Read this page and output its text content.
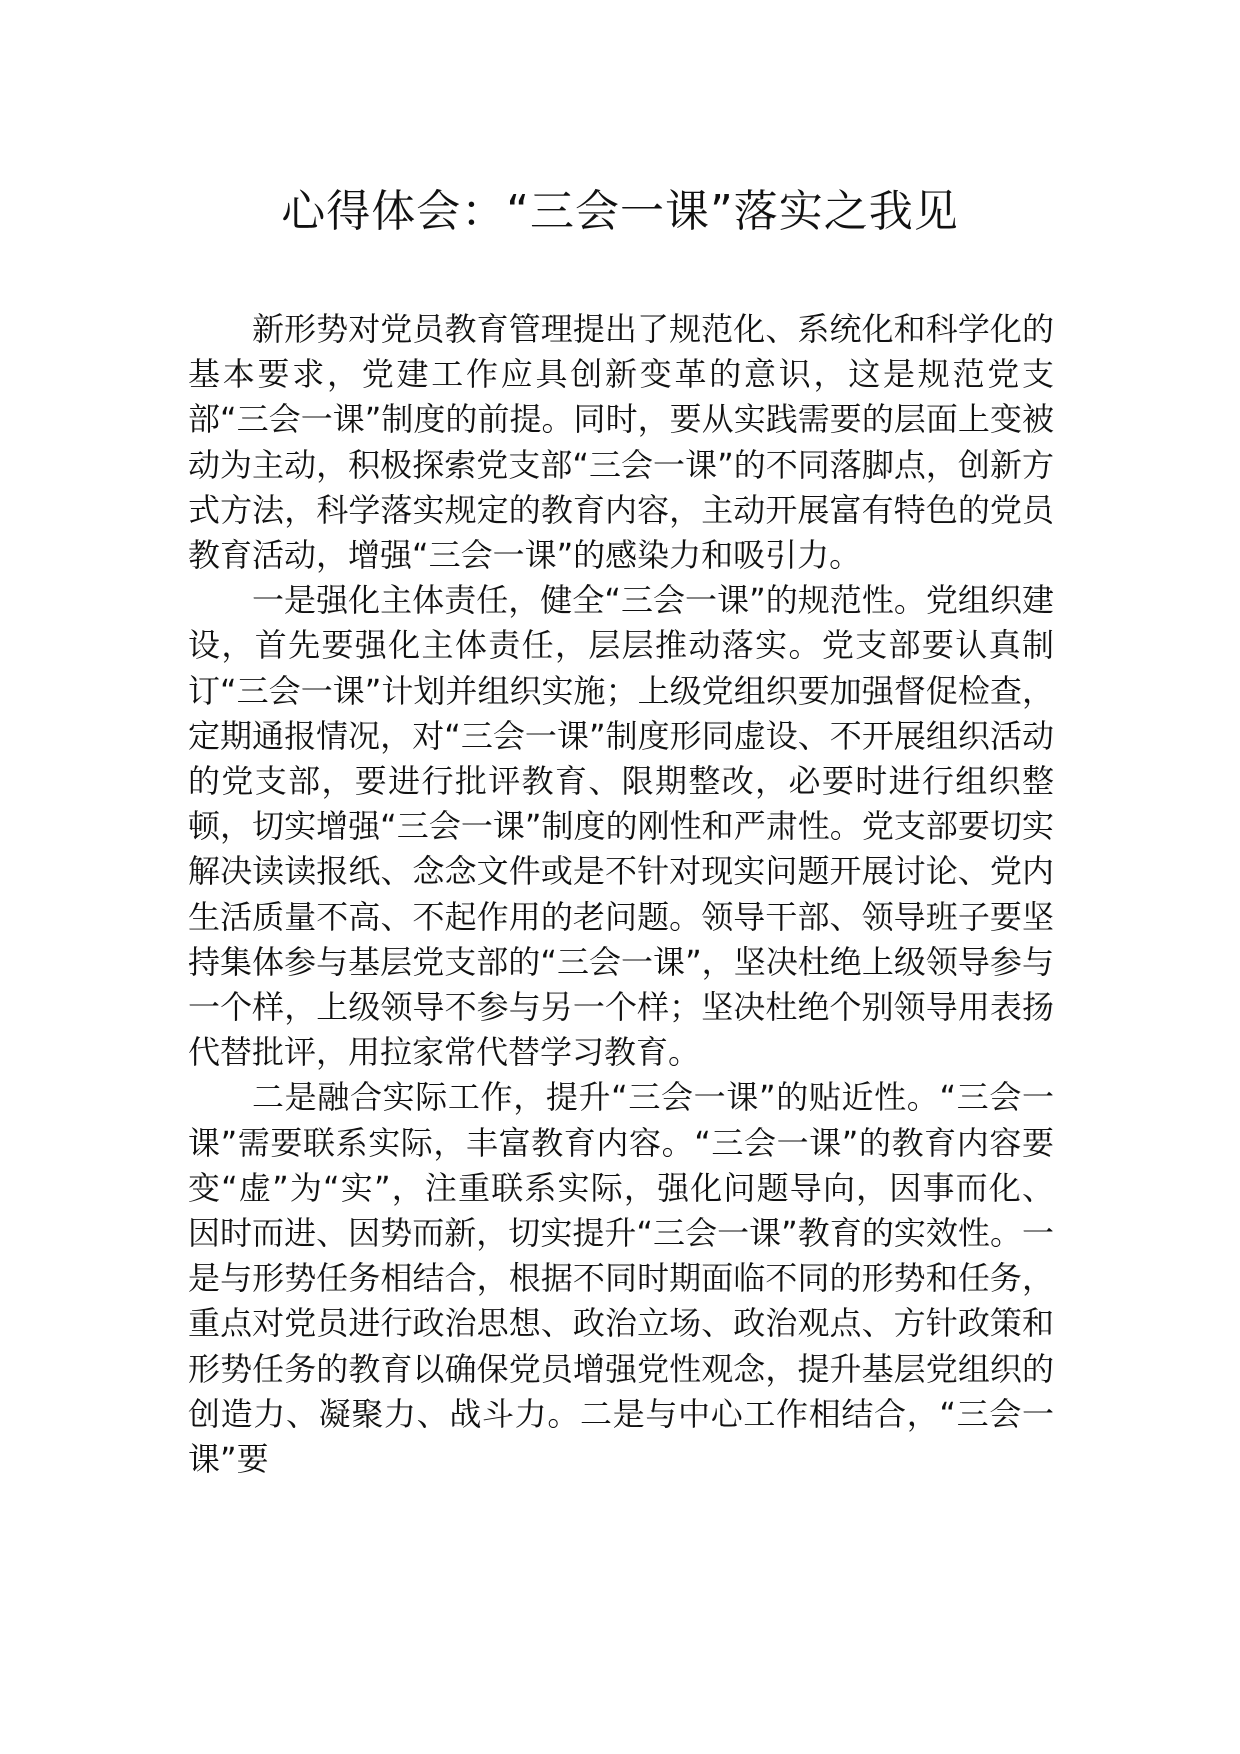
心得体会：“三会一课”落实之我见

新形势对党员教育管理提出了规范化、系统化和科学化的基本要求，党建工作应具创新变革的意识，这是规范党支部“三会一课”制度的前提。同时，要从实践需要的层面上变被动为主动，积极探索党支部“三会一课”的不同落脚点，创新方式方法，科学落实规定的教育内容，主动开展富有特色的党员教育活动，增强“三会一课”的感染力和吸引力。

一是强化主体责任，健全“三会一课”的规范性。党组织建设，首先要强化主体责任，层层推动落实。党支部要认真制订“三会一课”计划并组织实施；上级党组织要加强督促检查，定期通报情况，对“三会一课”制度形同虚设、不开展组织活动的党支部，要进行批评教育、限期整改，必要时进行组织整顿，切实增强“三会一课”制度的刚性和严肃性。党支部要切实解决读读报纸、念念文件或是不针对现实问题开展讨论、党内生活质量不高、不起作用的老问题。领导干部、领导班子要坚持集体参与基层党支部的“三会一课”，坚决杜绝上级领导参与一个样，上级领导不参与另一个样；坚决杜绝个别领导用表扬代替批评，用拉家常代替学习教育。

二是融合实际工作，提升“三会一课”的贴近性。“三会一课”需要联系实际，丰富教育内容。“三会一课”的教育内容要变“虚”为“实”，注重联系实际，强化问题导向，因事而化、因时而进、因势而新，切实提升“三会一课”教育的实效性。一是与形势任务相结合，根据不同时期面临不同的形势和任务，重点对党员进行政治思想、政治立场、政治观点、方针政策和形势任务的教育以确保党员增强党性观念，提升基层党组织的创造力、凝聚力、战斗力。二是与中心工作相结合，“三会一课”要
